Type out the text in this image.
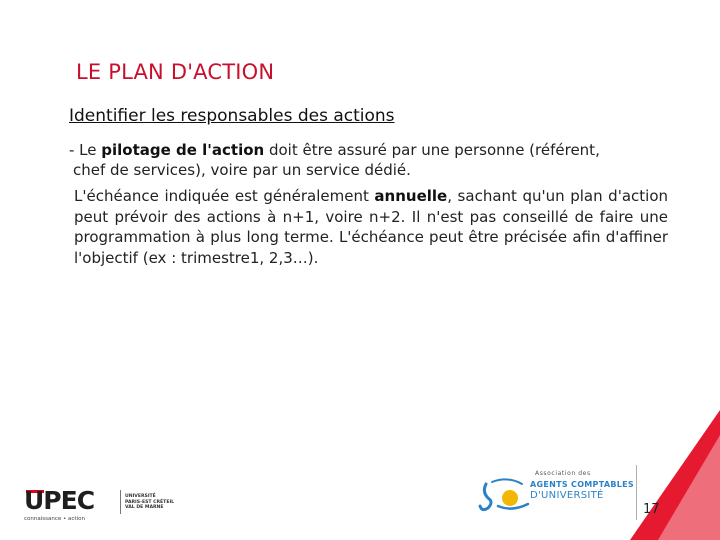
LE PLAN D'ACTION
Identifier les responsables des actions
- Le pilotage de l'action doit être assuré par une personne (référent,
chef de services), voire par un service dédié.
L'échéance indiquée est généralement annuelle, sachant qu'un plan d'action peut prévoir des actions à n+1, voire n+2. Il n'est pas conseillé de faire une programmation à plus long terme. L'échéance peut être précisée afin d'affiner l'objectif (ex : trimestre1, 2,3…).
UPEC
connaissance • action
UNIVERSITÉ
PARIS-EST CRÉTEIL
VAL DE MARNE
Association des
AGENTS COMPTABLES
D'UNIVERSITÉ
17
